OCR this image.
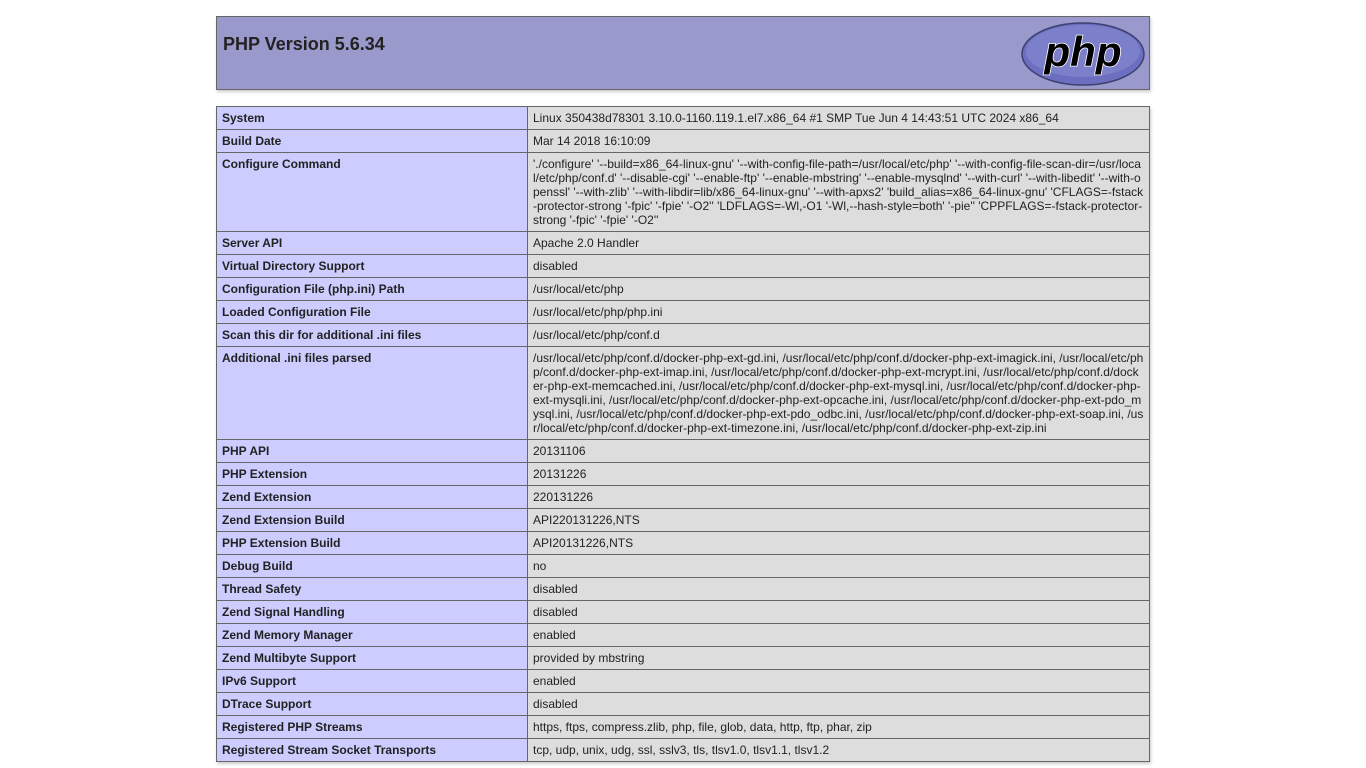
PHP Version 5.6.34	php
System	Linux 350438d78301 3.10.0-1160.119.1.el7.x86_64 #1 SMP Tue Jun 4 14:43:51 UTC 2024 x86_64
Build Date	Mar 14 2018 16:10:09
Configure Command	'./configure' '--build=x86_64-linux-gnu' '--with-config-file-path=/usr/local/etc/php' '--with-config-file-scan-dir=/usr/local/etc/php/conf.d' '--disable-cgi' '--enable-ftp' '--enable-mbstring' '--enable-mysqlnd' '--with-curl' '--with-libedit' '--with-openssl' '--with-zlib' '--with-libdir=lib/x86_64-linux-gnu' '--with-apxs2' 'build_alias=x86_64-linux-gnu' 'CFLAGS=-fstack-protector-strong '-fpic' '-fpie' '-O2'' 'LDFLAGS=-Wl,-O1 '-Wl,--hash-style=both' '-pie'' 'CPPFLAGS=-fstack-protector-strong '-fpic' '-fpie' '-O2''
Server API	Apache 2.0 Handler
Virtual Directory Support	disabled
Configuration File (php.ini) Path	/usr/local/etc/php
Loaded Configuration File	/usr/local/etc/php/php.ini
Scan this dir for additional .ini files	/usr/local/etc/php/conf.d
Additional .ini files parsed	/usr/local/etc/php/conf.d/docker-php-ext-gd.ini, /usr/local/etc/php/conf.d/docker-php-ext-imagick.ini, /usr/local/etc/php/conf.d/docker-php-ext-imap.ini, /usr/local/etc/php/conf.d/docker-php-ext-mcrypt.ini, /usr/local/etc/php/conf.d/docker-php-ext-memcached.ini, /usr/local/etc/php/conf.d/docker-php-ext-mysql.ini, /usr/local/etc/php/conf.d/docker-php-ext-mysqli.ini, /usr/local/etc/php/conf.d/docker-php-ext-opcache.ini, /usr/local/etc/php/conf.d/docker-php-ext-pdo_mysql.ini, /usr/local/etc/php/conf.d/docker-php-ext-pdo_odbc.ini, /usr/local/etc/php/conf.d/docker-php-ext-soap.ini, /usr/local/etc/php/conf.d/docker-php-ext-timezone.ini, /usr/local/etc/php/conf.d/docker-php-ext-zip.ini
PHP API	20131106
PHP Extension	20131226
Zend Extension	220131226
Zend Extension Build	API220131226,NTS
PHP Extension Build	API20131226,NTS
Debug Build	no
Thread Safety	disabled
Zend Signal Handling	disabled
Zend Memory Manager	enabled
Zend Multibyte Support	provided by mbstring
IPv6 Support	enabled
DTrace Support	disabled
Registered PHP Streams	https, ftps, compress.zlib, php, file, glob, data, http, ftp, phar, zip
Registered Stream Socket Transports	tcp, udp, unix, udg, ssl, sslv3, tls, tlsv1.0, tlsv1.1, tlsv1.2
